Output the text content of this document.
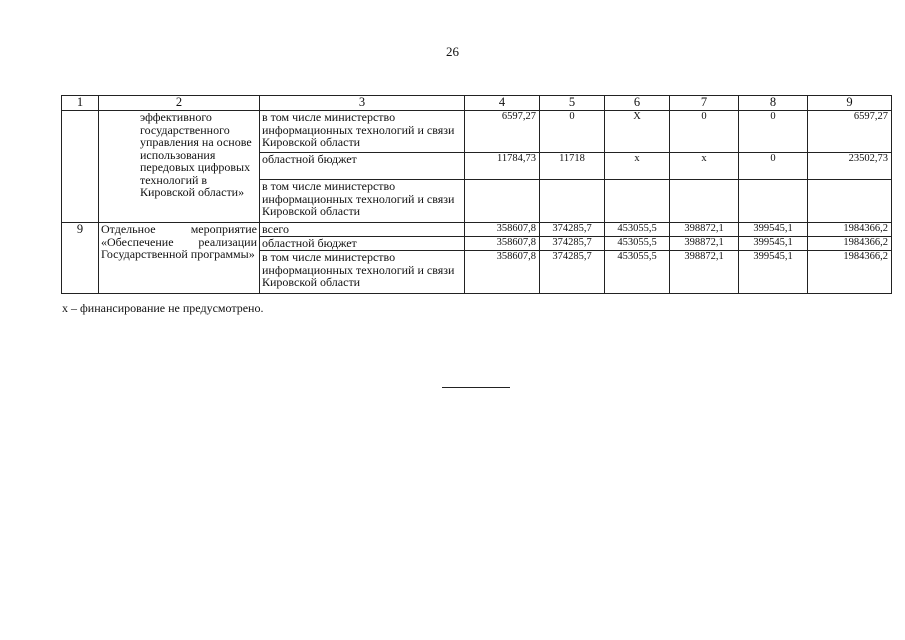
26
1	2	3	4	5	6	7	8	9
	эффективного государственного управления на основе использования передовых цифровых технологий в Кировской области»	в том числе министерство информационных технологий и связи Кировской области	6597,27	0	Х	0	0	6597,27
		областной бюджет	11784,73	11718	х	х	0	23502,73
		в том числе министерство информационных технологий и связи Кировской области						
9	Отдельное мероприятие «Обеспечение реализации Государственной программы»	всего	358607,8	374285,7	453055,5	398872,1	399545,1	1984366,2
		областной бюджет	358607,8	374285,7	453055,5	398872,1	399545,1	1984366,2
		в том числе министерство информационных технологий и связи Кировской области	358607,8	374285,7	453055,5	398872,1	399545,1	1984366,2
х – финансирование не предусмотрено.
